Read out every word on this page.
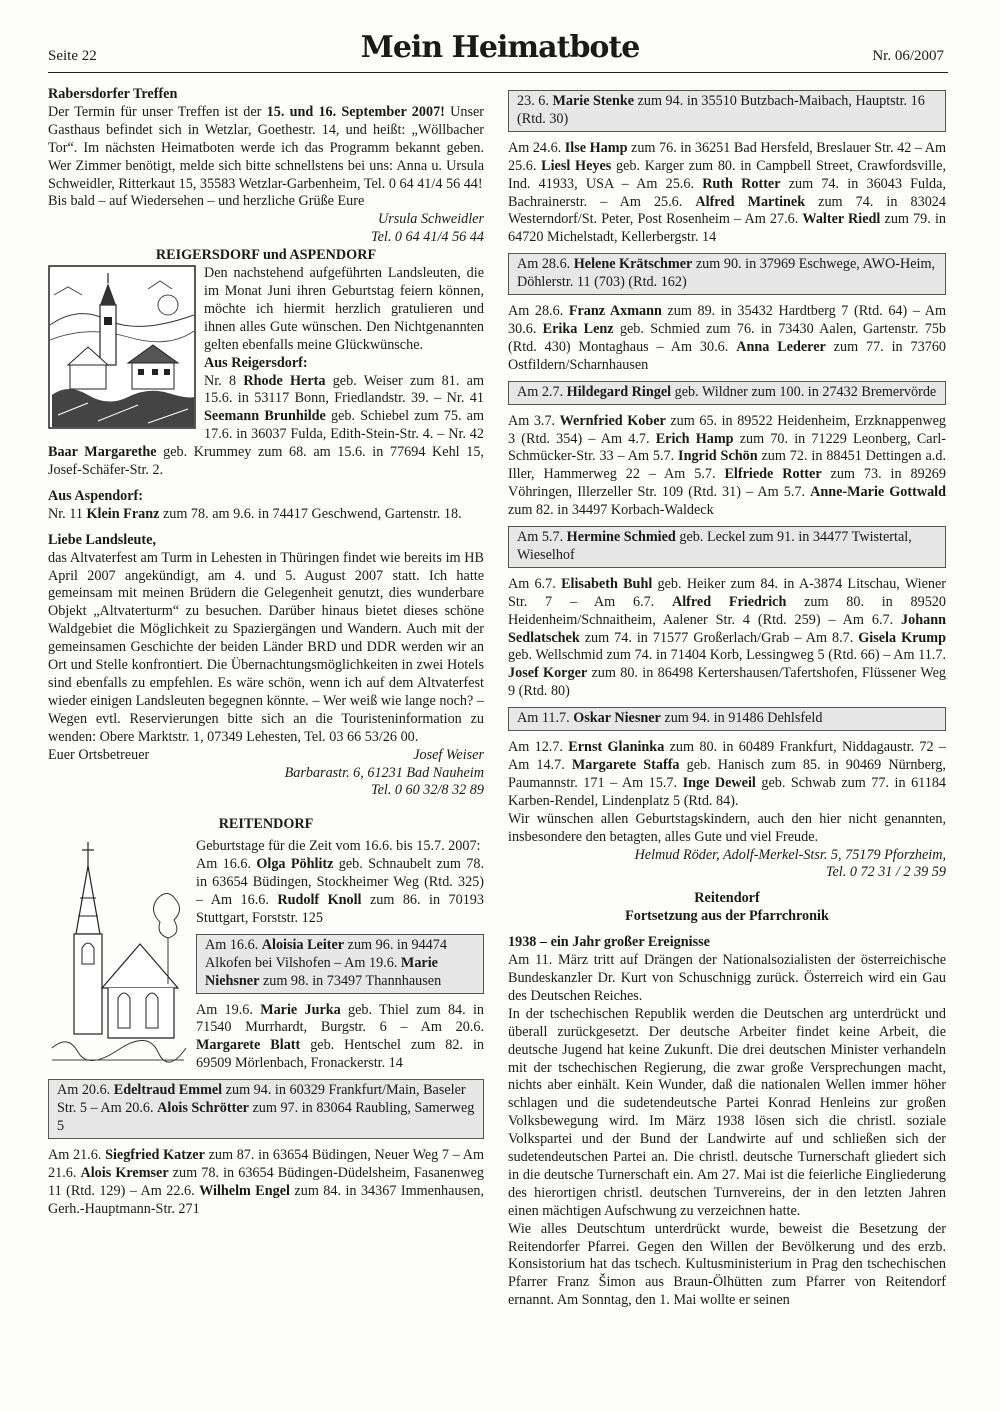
Seite 22	Mein Heimatbote	Nr. 06/2007

Rabersdorfer Treffen

Der Termin für unser Treffen ist der 15. und 16. September 2007! Unser Gasthaus befindet sich in Wetzlar, Goethestr. 14, und heißt: „Wöllbacher Tor“. Im nächsten Heimatboten werde ich das Programm bekannt geben. Wer Zimmer benötigt, melde sich bitte schnellstens bei uns: Anna u. Ursula Schweidler, Ritterkaut 15, 35583 Wetzlar-Garbenheim, Tel. 0 64 41/4 56 44!

Bis bald – auf Wiedersehen – und herzliche Grüße Eure

Ursula Schweidler

Tel. 0 64 41/4 56 44

REIGERSDORF und ASPENDORF

Den nachstehend aufgeführten Landsleuten, die im Monat Juni ihren Geburtstag feiern können, möchte ich hiermit herzlich gratulieren und ihnen alles Gute wünschen. Den Nichtgenannten gelten ebenfalls meine Glückwünsche.

Aus Reigersdorf:

Nr. 8 Rhode Herta geb. Weiser zum 81. am 15.6. in 53117 Bonn, Friedlandstr. 39. – Nr. 41 Seemann Brunhilde geb. Schiebel zum 75. am 17.6. in 36037 Fulda, Edith-Stein-Str. 4. – Nr. 42 Baar Margarethe geb. Krummey zum 68. am 15.6. in 77694 Kehl 15, Josef-Schäfer-Str. 2.

Aus Aspendorf:

Nr. 11 Klein Franz zum 78. am 9.6. in 74417 Geschwend, Gartenstr. 18.

Liebe Landsleute,

das Altvaterfest am Turm in Lehesten in Thüringen findet wie bereits im HB April 2007 angekündigt, am 4. und 5. August 2007 statt. Ich hatte gemeinsam mit meinen Brüdern die Gelegenheit genutzt, dies wunderbare Objekt „Altvaterturm“ zu besuchen. Darüber hinaus bietet dieses schöne Waldgebiet die Möglichkeit zu Spaziergängen und Wandern. Auch mit der gemeinsamen Geschichte der beiden Länder BRD und DDR werden wir an Ort und Stelle konfrontiert. Die Übernachtungsmöglichkeiten in zwei Hotels sind ebenfalls zu empfehlen. Es wäre schön, wenn ich auf dem Altvaterfest wieder einigen Landsleuten begegnen könnte. – Wer weiß wie lange noch? – Wegen evtl. Reservierungen bitte sich an die Touristeninformation zu wenden: Obere Marktstr. 1, 07349 Lehesten, Tel. 03 66 53/26 00.

Euer Ortsbetreuer	Josef Weiser

Barbarastr. 6, 61231 Bad Nauheim

Tel. 0 60 32/8 32 89

REITENDORF

Geburtstage für die Zeit vom 16.6. bis 15.7. 2007:

Am 16.6. Olga Pöhlitz geb. Schnaubelt zum 78. in 63654 Büdingen, Stockheimer Weg (Rtd. 325) – Am 16.6. Rudolf Knoll zum 86. in 70193 Stuttgart, Forststr. 125

Am 16.6. Aloisia Leiter zum 96. in 94474 Alkofen bei Vilshofen – Am 19.6. Marie Niehsner zum 98. in 73497 Thannhausen

Am 19.6. Marie Jurka geb. Thiel zum 84. in 71540 Murrhardt, Burgstr. 6 – Am 20.6. Margarete Blatt geb. Hentschel zum 82. in 69509 Mörlenbach, Fronackerstr. 14

Am 20.6. Edeltraud Emmel zum 94. in 60329 Frankfurt/Main, Baseler Str. 5 – Am 20.6. Alois Schrötter zum 97. in 83064 Raubling, Samerweg 5

Am 21.6. Siegfried Katzer zum 87. in 63654 Büdingen, Neuer Weg 7 – Am 21.6. Alois Kremser zum 78. in 63654 Büdingen-Düdelsheim, Fasanenweg 11 (Rtd. 129) – Am 22.6. Wilhelm Engel zum 84. in 34367 Immenhausen, Gerh.-Hauptmann-Str. 271

23. 6. Marie Stenke zum 94. in 35510 Butzbach-Maibach, Hauptstr. 16 (Rtd. 30)

Am 24.6. Ilse Hamp zum 76. in 36251 Bad Hersfeld, Breslauer Str. 42 – Am 25.6. Liesl Heyes geb. Karger zum 80. in Campbell Street, Crawfordsville, Ind. 41933, USA – Am 25.6. Ruth Rotter zum 74. in 36043 Fulda, Bachrainerstr. – Am 25.6. Alfred Martinek zum 74. in 83024 Westerndorf/St. Peter, Post Rosenheim – Am 27.6. Walter Riedl zum 79. in 64720 Michelstadt, Kellerbergstr. 14

Am 28.6. Helene Krätschmer zum 90. in 37969 Eschwege, AWO-Heim, Döhlerstr. 11 (703) (Rtd. 162)

Am 28.6. Franz Axmann zum 89. in 35432 Hardtberg 7 (Rtd. 64) – Am 30.6. Erika Lenz geb. Schmied zum 76. in 73430 Aalen, Gartenstr. 75b (Rtd. 430) Montaghaus – Am 30.6. Anna Lederer zum 77. in 73760 Ostfildern/Scharnhausen

Am 2.7. Hildegard Ringel geb. Wildner zum 100. in 27432 Bremervörde

Am 3.7. Wernfried Kober zum 65. in 89522 Heidenheim, Erzknappenweg 3 (Rtd. 354) – Am 4.7. Erich Hamp zum 70. in 71229 Leonberg, Carl-Schmücker-Str. 33 – Am 5.7. Ingrid Schön zum 72. in 88451 Dettingen a.d. Iller, Hammerweg 22 – Am 5.7. Elfriede Rotter zum 73. in 89269 Vöhringen, Illerzeller Str. 109 (Rtd. 31) – Am 5.7. Anne-Marie Gottwald zum 82. in 34497 Korbach-Waldeck

Am 5.7. Hermine Schmied geb. Leckel zum 91. in 34477 Twistertal, Wieselhof

Am 6.7. Elisabeth Buhl geb. Heiker zum 84. in A-3874 Litschau, Wiener Str. 7 – Am 6.7. Alfred Friedrich zum 80. in 89520 Heidenheim/Schnaitheim, Aalener Str. 4 (Rtd. 259) – Am 6.7. Johann Sedlatschek zum 74. in 71577 Großerlach/Grab – Am 8.7. Gisela Krump geb. Wellschmid zum 74. in 71404 Korb, Lessingweg 5 (Rtd. 66) – Am 11.7. Josef Korger zum 80. in 86498 Kertershausen/Tafertshofen, Flüssener Weg 9 (Rtd. 80)

Am 11.7. Oskar Niesner zum 94. in 91486 Dehlsfeld

Am 12.7. Ernst Glaninka zum 80. in 60489 Frankfurt, Niddagaustr. 72 – Am 14.7. Margarete Staffa geb. Hanisch zum 85. in 90469 Nürnberg, Paumannstr. 171 – Am 15.7. Inge Deweil geb. Schwab zum 77. in 61184 Karben-Rendel, Lindenplatz 5 (Rtd. 84).

Wir wünschen allen Geburtstagskindern, auch den hier nicht genannten, insbesondere den betagten, alles Gute und viel Freude.

Helmud Röder, Adolf-Merkel-Stsr. 5, 75179 Pforzheim,

Tel. 0 72 31 / 2 39 59

Reitendorf

Fortsetzung aus der Pfarrchronik

1938 – ein Jahr großer Ereignisse

Am 11. März tritt auf Drängen der Nationalsozialisten der österreichische Bundeskanzler Dr. Kurt von Schuschnigg zurück. Österreich wird ein Gau des Deutschen Reiches.

In der tschechischen Republik werden die Deutschen arg unterdrückt und überall zurückgesetzt. Der deutsche Arbeiter findet keine Arbeit, die deutsche Jugend hat keine Zukunft. Die drei deutschen Minister verhandeln mit der tschechischen Regierung, die zwar große Versprechungen macht, nichts aber einhält. Kein Wunder, daß die nationalen Wellen immer höher schlagen und die sudetendeutsche Partei Konrad Henleins zur großen Volksbewegung wird. Im März 1938 lösen sich die christl. soziale Volkspartei und der Bund der Landwirte auf und schließen sich der sudetendeutschen Partei an. Die christl. deutsche Turnerschaft gliedert sich in die deutsche Turnerschaft ein. Am 27. Mai ist die feierliche Eingliederung des hierortigen christl. deutschen Turnvereins, der in den letzten Jahren einen mächtigen Aufschwung zu verzeichnen hatte.

Wie alles Deutschtum unterdrückt wurde, beweist die Besetzung der Reitendorfer Pfarrei. Gegen den Willen der Bevölkerung und des erzb. Konsistorium hat das tschech. Kultusministerium in Prag den tschechischen Pfarrer Franz Šimon aus Braun-Ölhütten zum Pfarrer von Reitendorf ernannt. Am Sonntag, den 1. Mai wollte er seinen
